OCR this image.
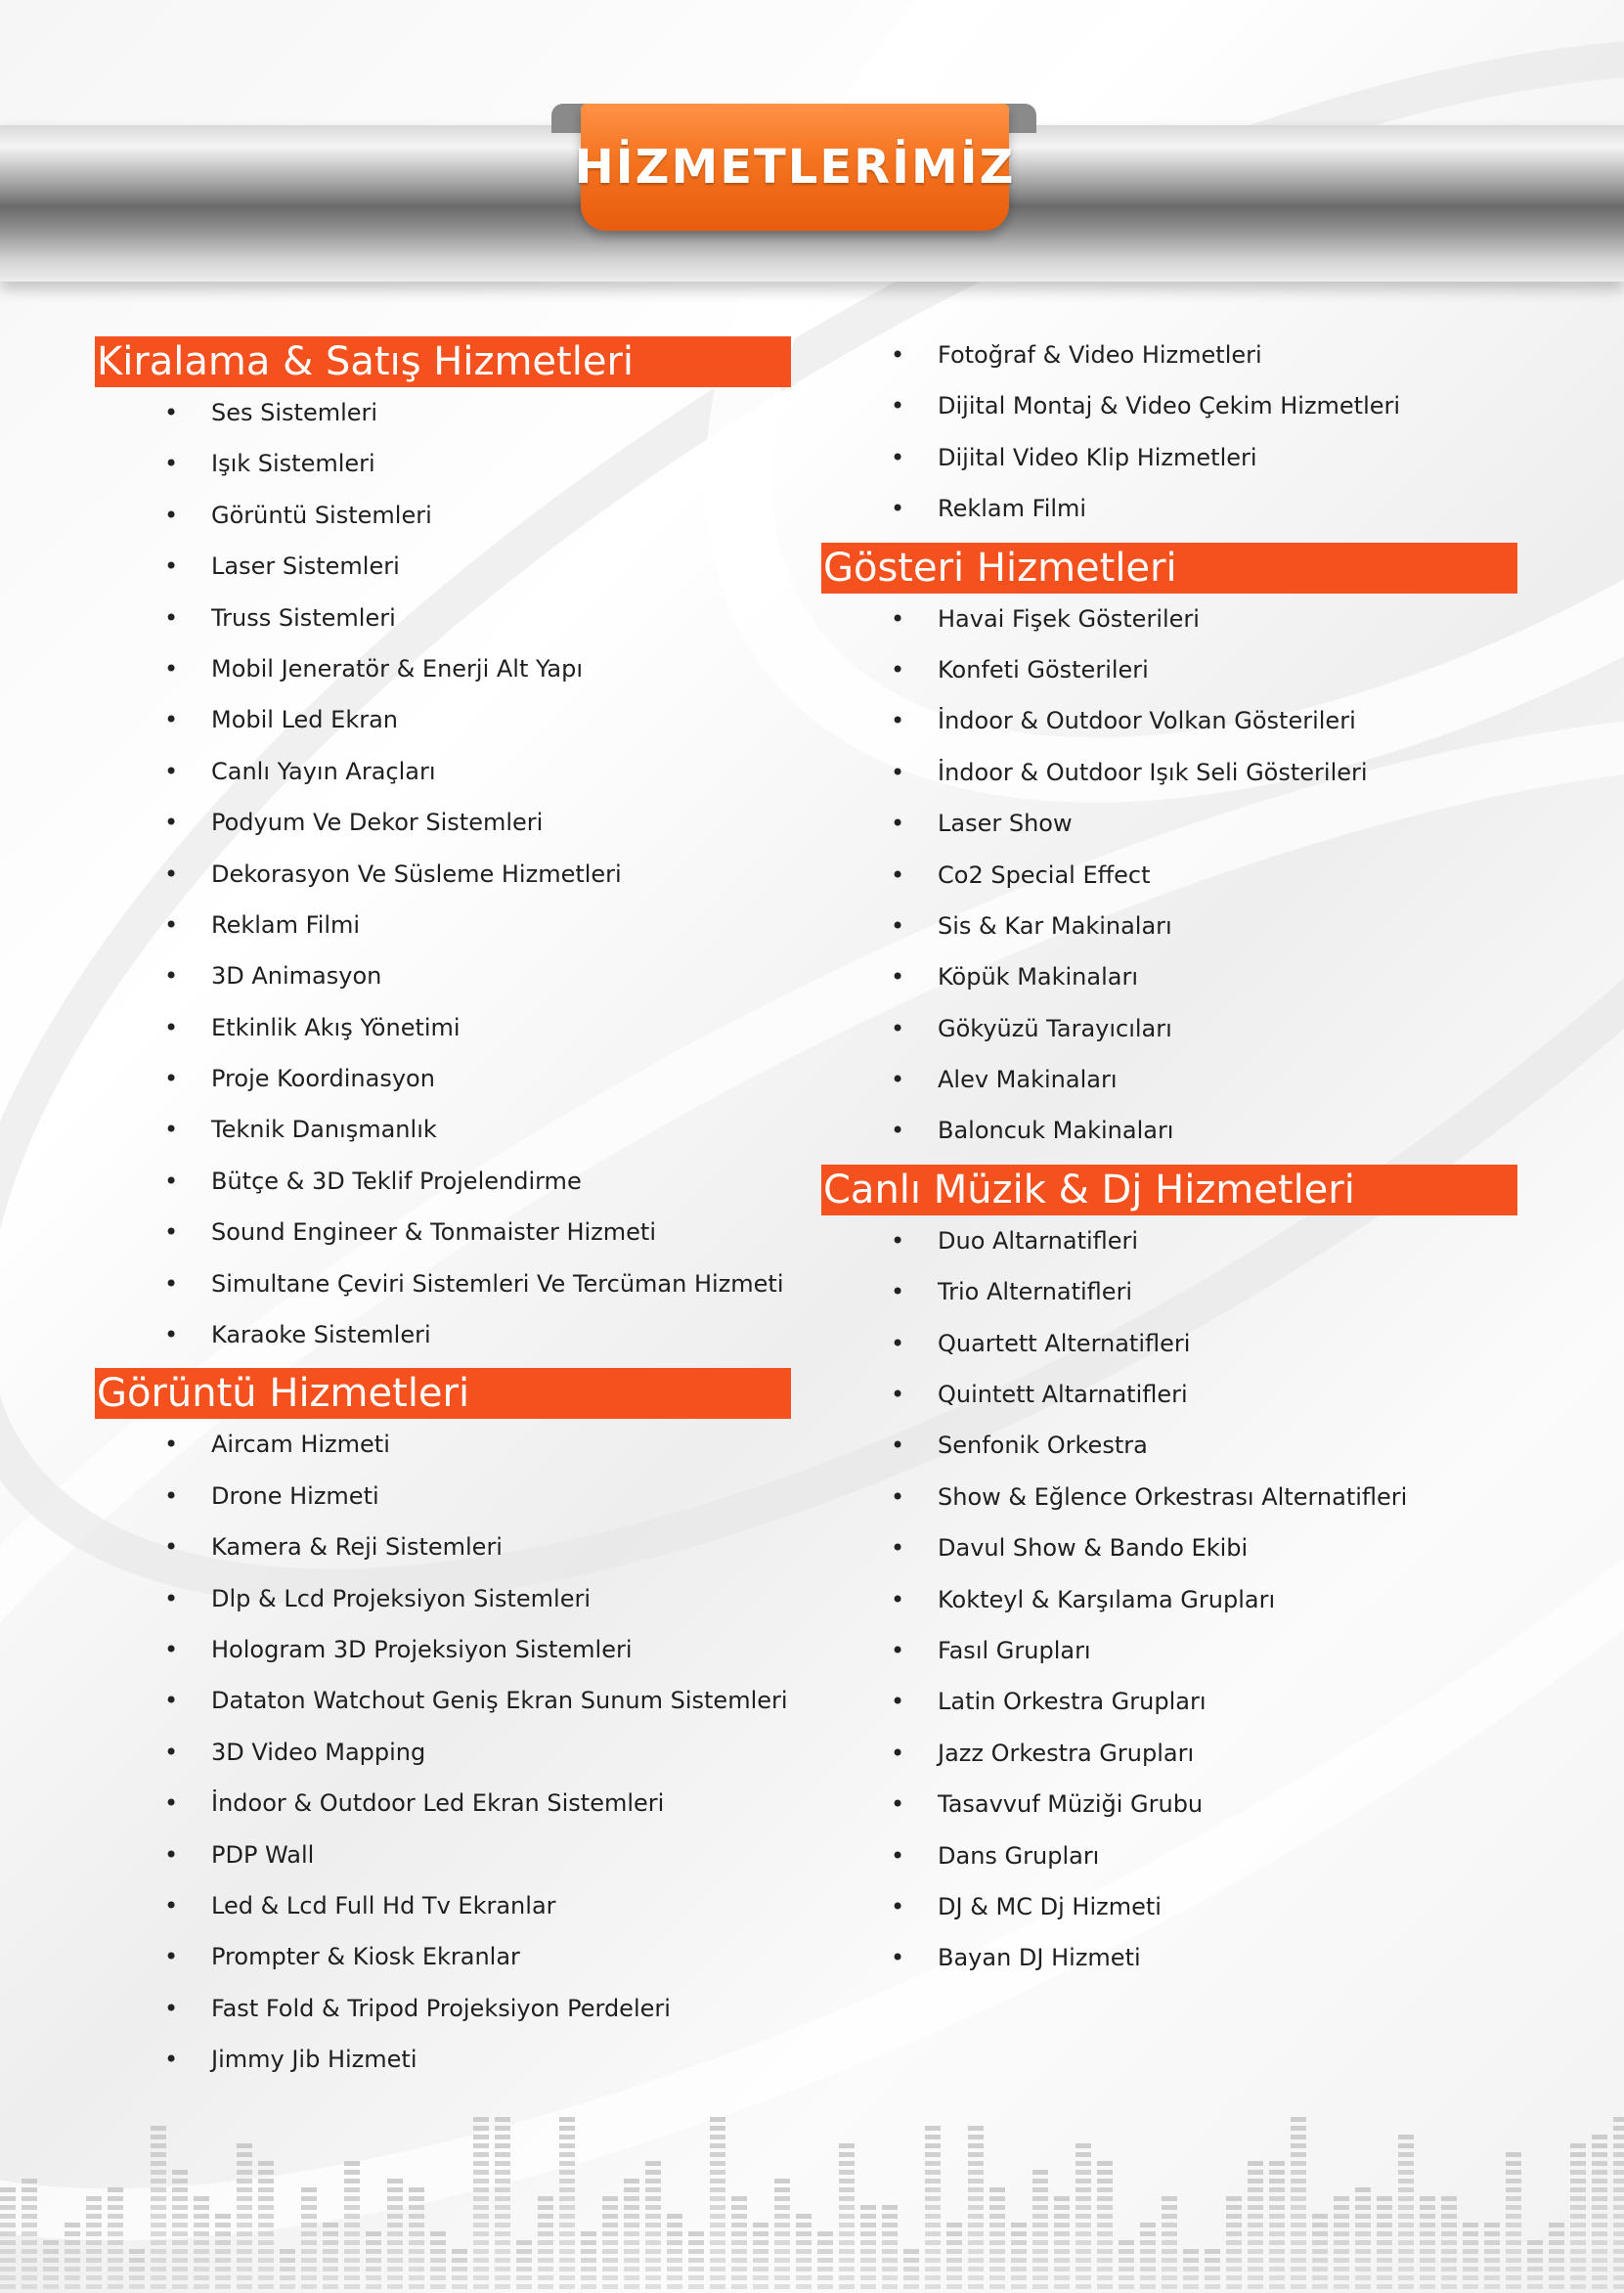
HİZMETLERİMİZ
Kiralama & Satış Hizmetleri
• Ses Sistemleri
• Işık Sistemleri
• Görüntü Sistemleri
• Laser Sistemleri
• Truss Sistemleri
• Mobil Jeneratör & Enerji Alt Yapı
• Mobil Led Ekran
• Canlı Yayın Araçları
• Podyum Ve Dekor Sistemleri
• Dekorasyon Ve Süsleme Hizmetleri
• Reklam Filmi
• 3D Animasyon
• Etkinlik Akış Yönetimi
• Proje Koordinasyon
• Teknik Danışmanlık
• Bütçe & 3D Teklif Projelendirme
• Sound Engineer & Tonmaister Hizmeti
• Simultane Çeviri Sistemleri Ve Tercüman Hizmeti
• Karaoke Sistemleri
Görüntü Hizmetleri
• Aircam Hizmeti
• Drone Hizmeti
• Kamera & Reji Sistemleri
• Dlp & Lcd Projeksiyon Sistemleri
• Hologram 3D Projeksiyon Sistemleri
• Dataton Watchout Geniş Ekran Sunum Sistemleri
• 3D Video Mapping
• İndoor & Outdoor Led Ekran Sistemleri
• PDP Wall
• Led & Lcd Full Hd Tv Ekranlar
• Prompter & Kiosk Ekranlar
• Fast Fold & Tripod Projeksiyon Perdeleri
• Jimmy Jib Hizmeti
• Fotoğraf & Video Hizmetleri
• Dijital Montaj & Video Çekim Hizmetleri
• Dijital Video Klip Hizmetleri
• Reklam Filmi
Gösteri Hizmetleri
• Havai Fişek Gösterileri
• Konfeti Gösterileri
• İndoor & Outdoor Volkan Gösterileri
• İndoor & Outdoor Işık Seli Gösterileri
• Laser Show
• Co2 Special Effect
• Sis & Kar Makinaları
• Köpük Makinaları
• Gökyüzü Tarayıcıları
• Alev Makinaları
• Baloncuk Makinaları
Canlı Müzik & Dj Hizmetleri
• Duo Altarnatifleri
• Trio Alternatifleri
• Quartett Alternatifleri
• Quintett Altarnatifleri
• Senfonik Orkestra
• Show & Eğlence Orkestrası Alternatifleri
• Davul Show & Bando Ekibi
• Kokteyl & Karşılama Grupları
• Fasıl Grupları
• Latin Orkestra Grupları
• Jazz Orkestra Grupları
• Tasavvuf Müziği Grubu
• Dans Grupları
• DJ & MC Dj Hizmeti
• Bayan DJ Hizmeti
